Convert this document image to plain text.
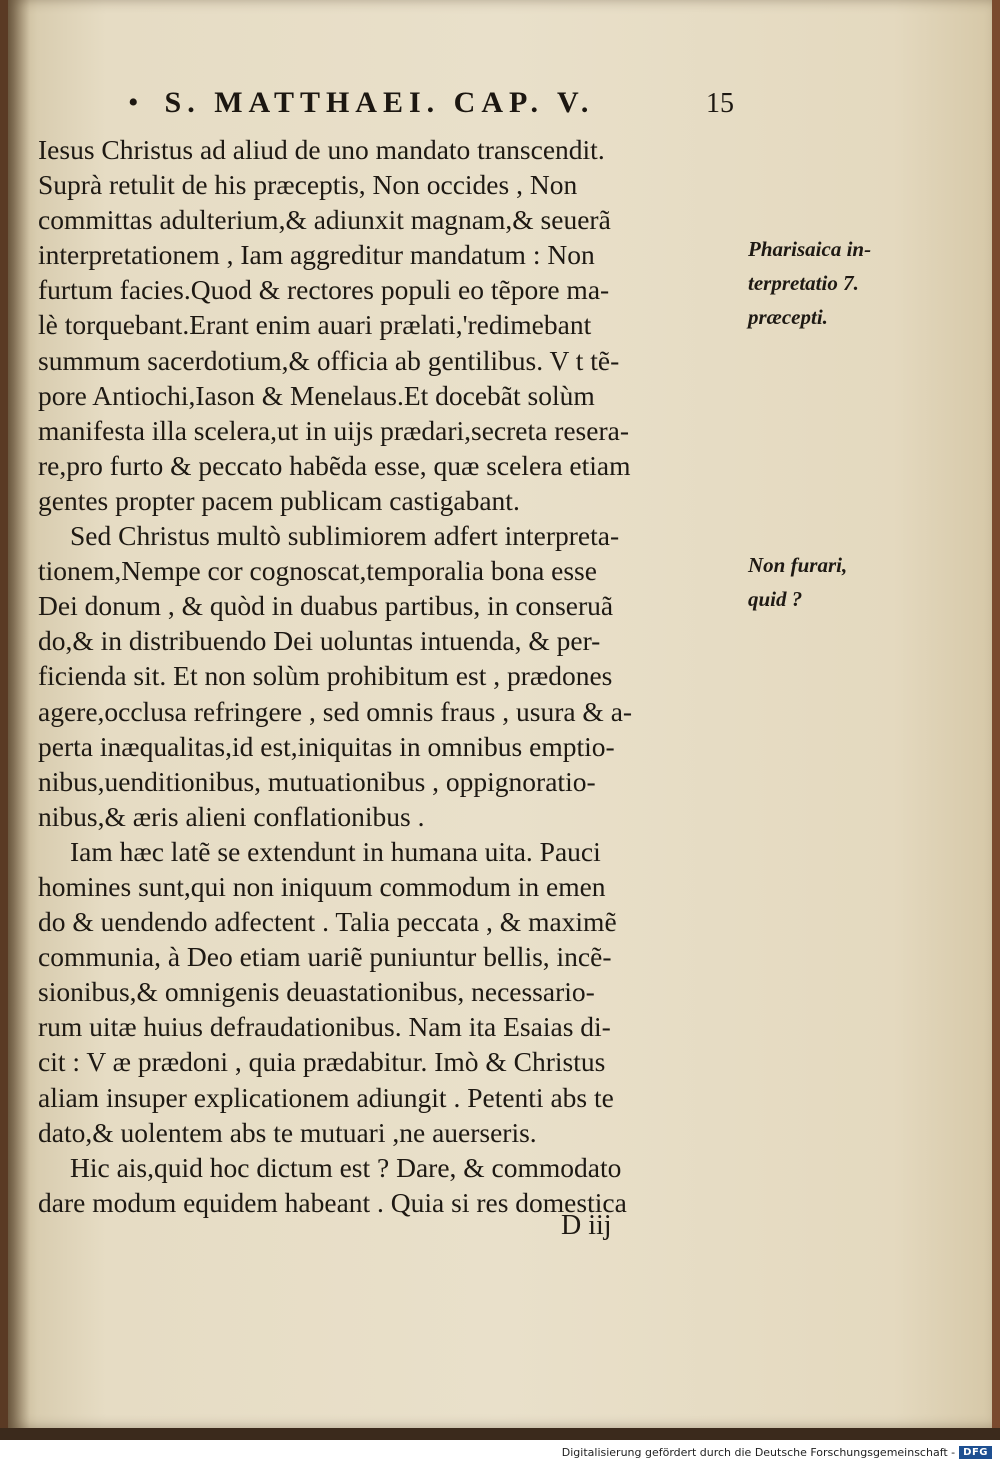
• S. MATTHAEI. CAP. V.	15
Iesus Christus ad aliud de uno mandato transcendit.
Suprà retulit de his præceptis, Non occides , Non
committas adulterium,& adiunxit magnam,& seuerã
interpretationem , Iam aggreditur mandatum : Non
furtum facies.Quod & rectores populi eo tẽpore ma-
lè torquebant.Erant enim auari prælati,'redimebant
summum sacerdotium,& officia ab gentilibus. V t tẽ-
pore Antiochi,Iason & Menelaus.Et docebãt solùm
manifesta illa scelera,ut in uijs prædari,secreta resera-
re,pro furto & peccato habẽda esse, quæ scelera etiam
gentes propter pacem publicam castigabant.
Sed Christus multò sublimiorem adfert interpreta-
tionem,Nempe cor cognoscat,temporalia bona esse
Dei donum , & quòd in duabus partibus, in conseruã
do,& in distribuendo Dei uoluntas intuenda, & per-
ficienda sit. Et non solùm prohibitum est , prædones
agere,occlusa refringere , sed omnis fraus , usura & a-
perta inæqualitas,id est,iniquitas in omnibus emptio-
nibus,uenditionibus, mutuationibus , oppignoratio-
nibus,& æris alieni conflationibus .
Iam hæc latẽ se extendunt in humana uita. Pauci
homines sunt,qui non iniquum commodum in emen
do & uendendo adfectent . Talia peccata , & maximẽ
communia, à Deo etiam uariẽ puniuntur bellis, incẽ-
sionibus,& omnigenis deuastationibus, necessario-
rum uitæ huius defraudationibus. Nam ita Esaias di-
cit : V æ prædoni , quia prædabitur. Imò & Christus
aliam insuper explicationem adiungit . Petenti abs te
dato,& uolentem abs te mutuari ,ne auerseris.
Hic ais,quid hoc dictum est ? Dare, & commodato
dare modum equidem habeant . Quia si res domestica
Pharisaica in-
terpretatio 7.
præcepti.
Non furari,
quid ?
D iij
Digitalisierung gefördert durch die Deutsche Forschungsgemeinschaft - DFG
